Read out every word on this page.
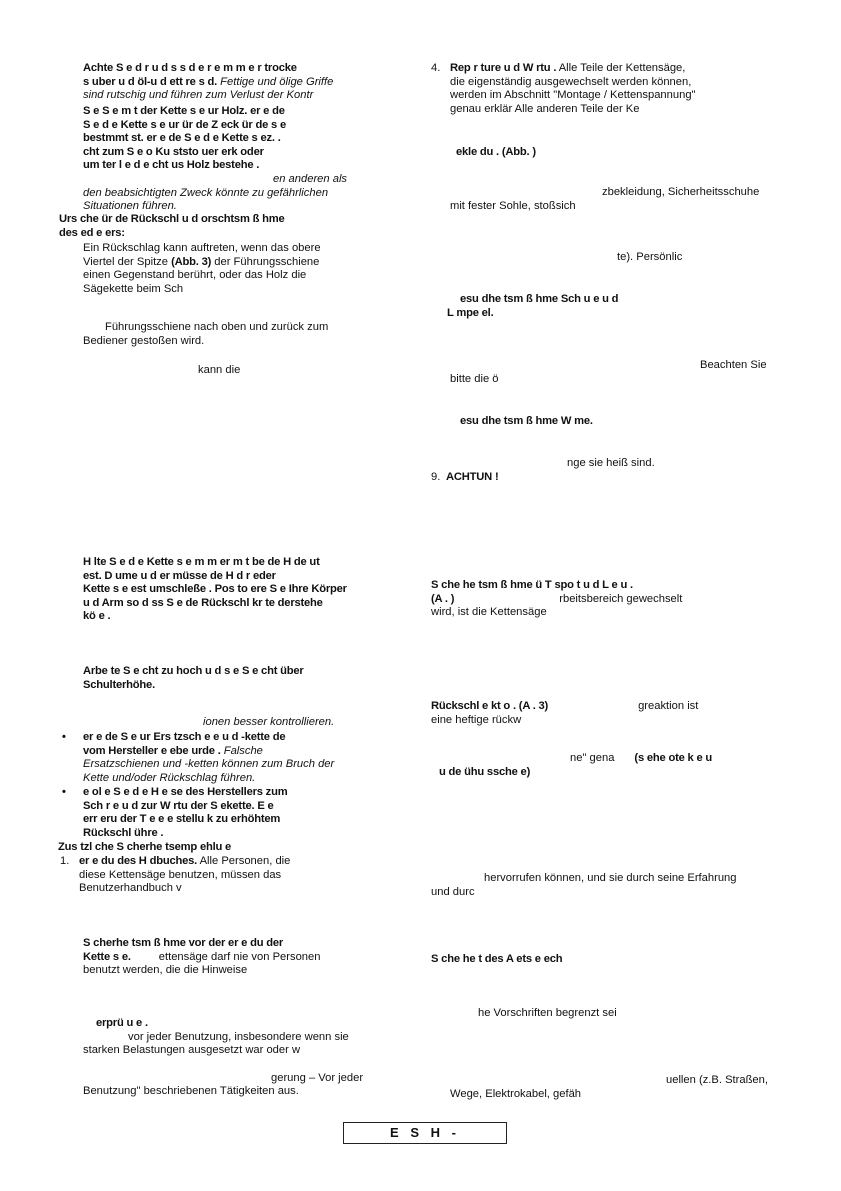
Achte S e d r u d s s d e r e m m e r trocke
s uber u d öl-u d ett re s d. Fettige und ölige Griffe
sind rutschig und führen zum Verlust der Kontr
S e S e m t der Kette s e ur Holz. er e de
S e d e Kette s e ur ür de Z eck ür de s e
bestmmt st. er e de S e d e Kette s ez. .
cht zum S e o Ku ststo uer erk oder
um ter l e d e cht us Holz bestehe .
en anderen als
den beabsichtigten Zweck könnte zu gefährlichen
Situationen führen.
Urs che ür de Rückschl u d orschtsm ß hme
des ed e ers:
Ein Rückschlag kann auftreten, wenn das obere
Viertel der Spitze (Abb. 3) der Führungsschiene
einen Gegenstand berührt, oder das Holz die
Sägekette beim Sch
Führungsschiene nach oben und zurück zum
Bediener gestoßen wird.
kann die
H lte S e d e Kette s e m m er m t be de H de ut
est. D ume u d er müsse de H d r eder
Kette s e est umschleße . Pos to ere S e Ihre Körper
u d Arm so d ss S e de Rückschl kr te derstehe
kö e .
Arbe te S e cht zu hoch u d s e S e cht über
Schulterhöhe.
ionen besser kontrollieren.
• er e de S e ur Ers tzsch e e u d -kette de
vom Hersteller e ebe urde . Falsche
Ersatzschienen und -ketten können zum Bruch der
Kette und/oder Rückschlag führen.
• e ol e S e d e H e se des Herstellers zum
Sch r e u d zur W rtu der S ekette. E e
err eru der T e e e stellu k zu erhöhtem
Rückschl ühre .
Zus tzl che S cherhe tsemp ehlu e
1. er e du des H dbuches. Alle Personen, die
diese Kettensäge benutzen, müssen das
Benutzerhandbuch v
S cherhe tsm ß hme vor der er e du der
Kette s e.	ettensäge darf nie von Personen
benutzt werden, die die Hinweise
erprü u e .
vor jeder Benutzung, insbesondere wenn sie
starken Belastungen ausgesetzt war oder w
gerung – Vor jeder
Benutzung" beschriebenen Tätigkeiten aus.
4. Rep r ture u d W rtu . Alle Teile der Kettensäge,
die eigenständig ausgewechselt werden können,
werden im Abschnitt "Montage / Kettenspannung"
genau erklär Alle anderen Teile der Ke
ekle du . (Abb. )
zbekleidung, Sicherheitsschuhe
mit fester Sohle, stoßsich
te). Persönlic
esu dhe tsm ß hme Sch u e u d
L mpe el.
Beachten Sie
bitte die ö
esu dhe tsm ß hme W me.
nge sie heiß sind.
9. ACHTUN !
S che he tsm ß hme ü T spo t u d L e u .
(A . )	rbeitsbereich gewechselt
wird, ist die Kettensäge
Rückschl e kt o . (A . 3)	greaktion ist
eine heftige rückw
ne" gena (s ehe ote k e u
u de ühu ssche e)
hervorrufen können, und sie durch seine Erfahrung
und durc
S che he t des A ets e ech
he Vorschriften begrenzt sei
uellen (z.B. Straßen,
Wege, Elektrokabel, gefäh
E S H -
